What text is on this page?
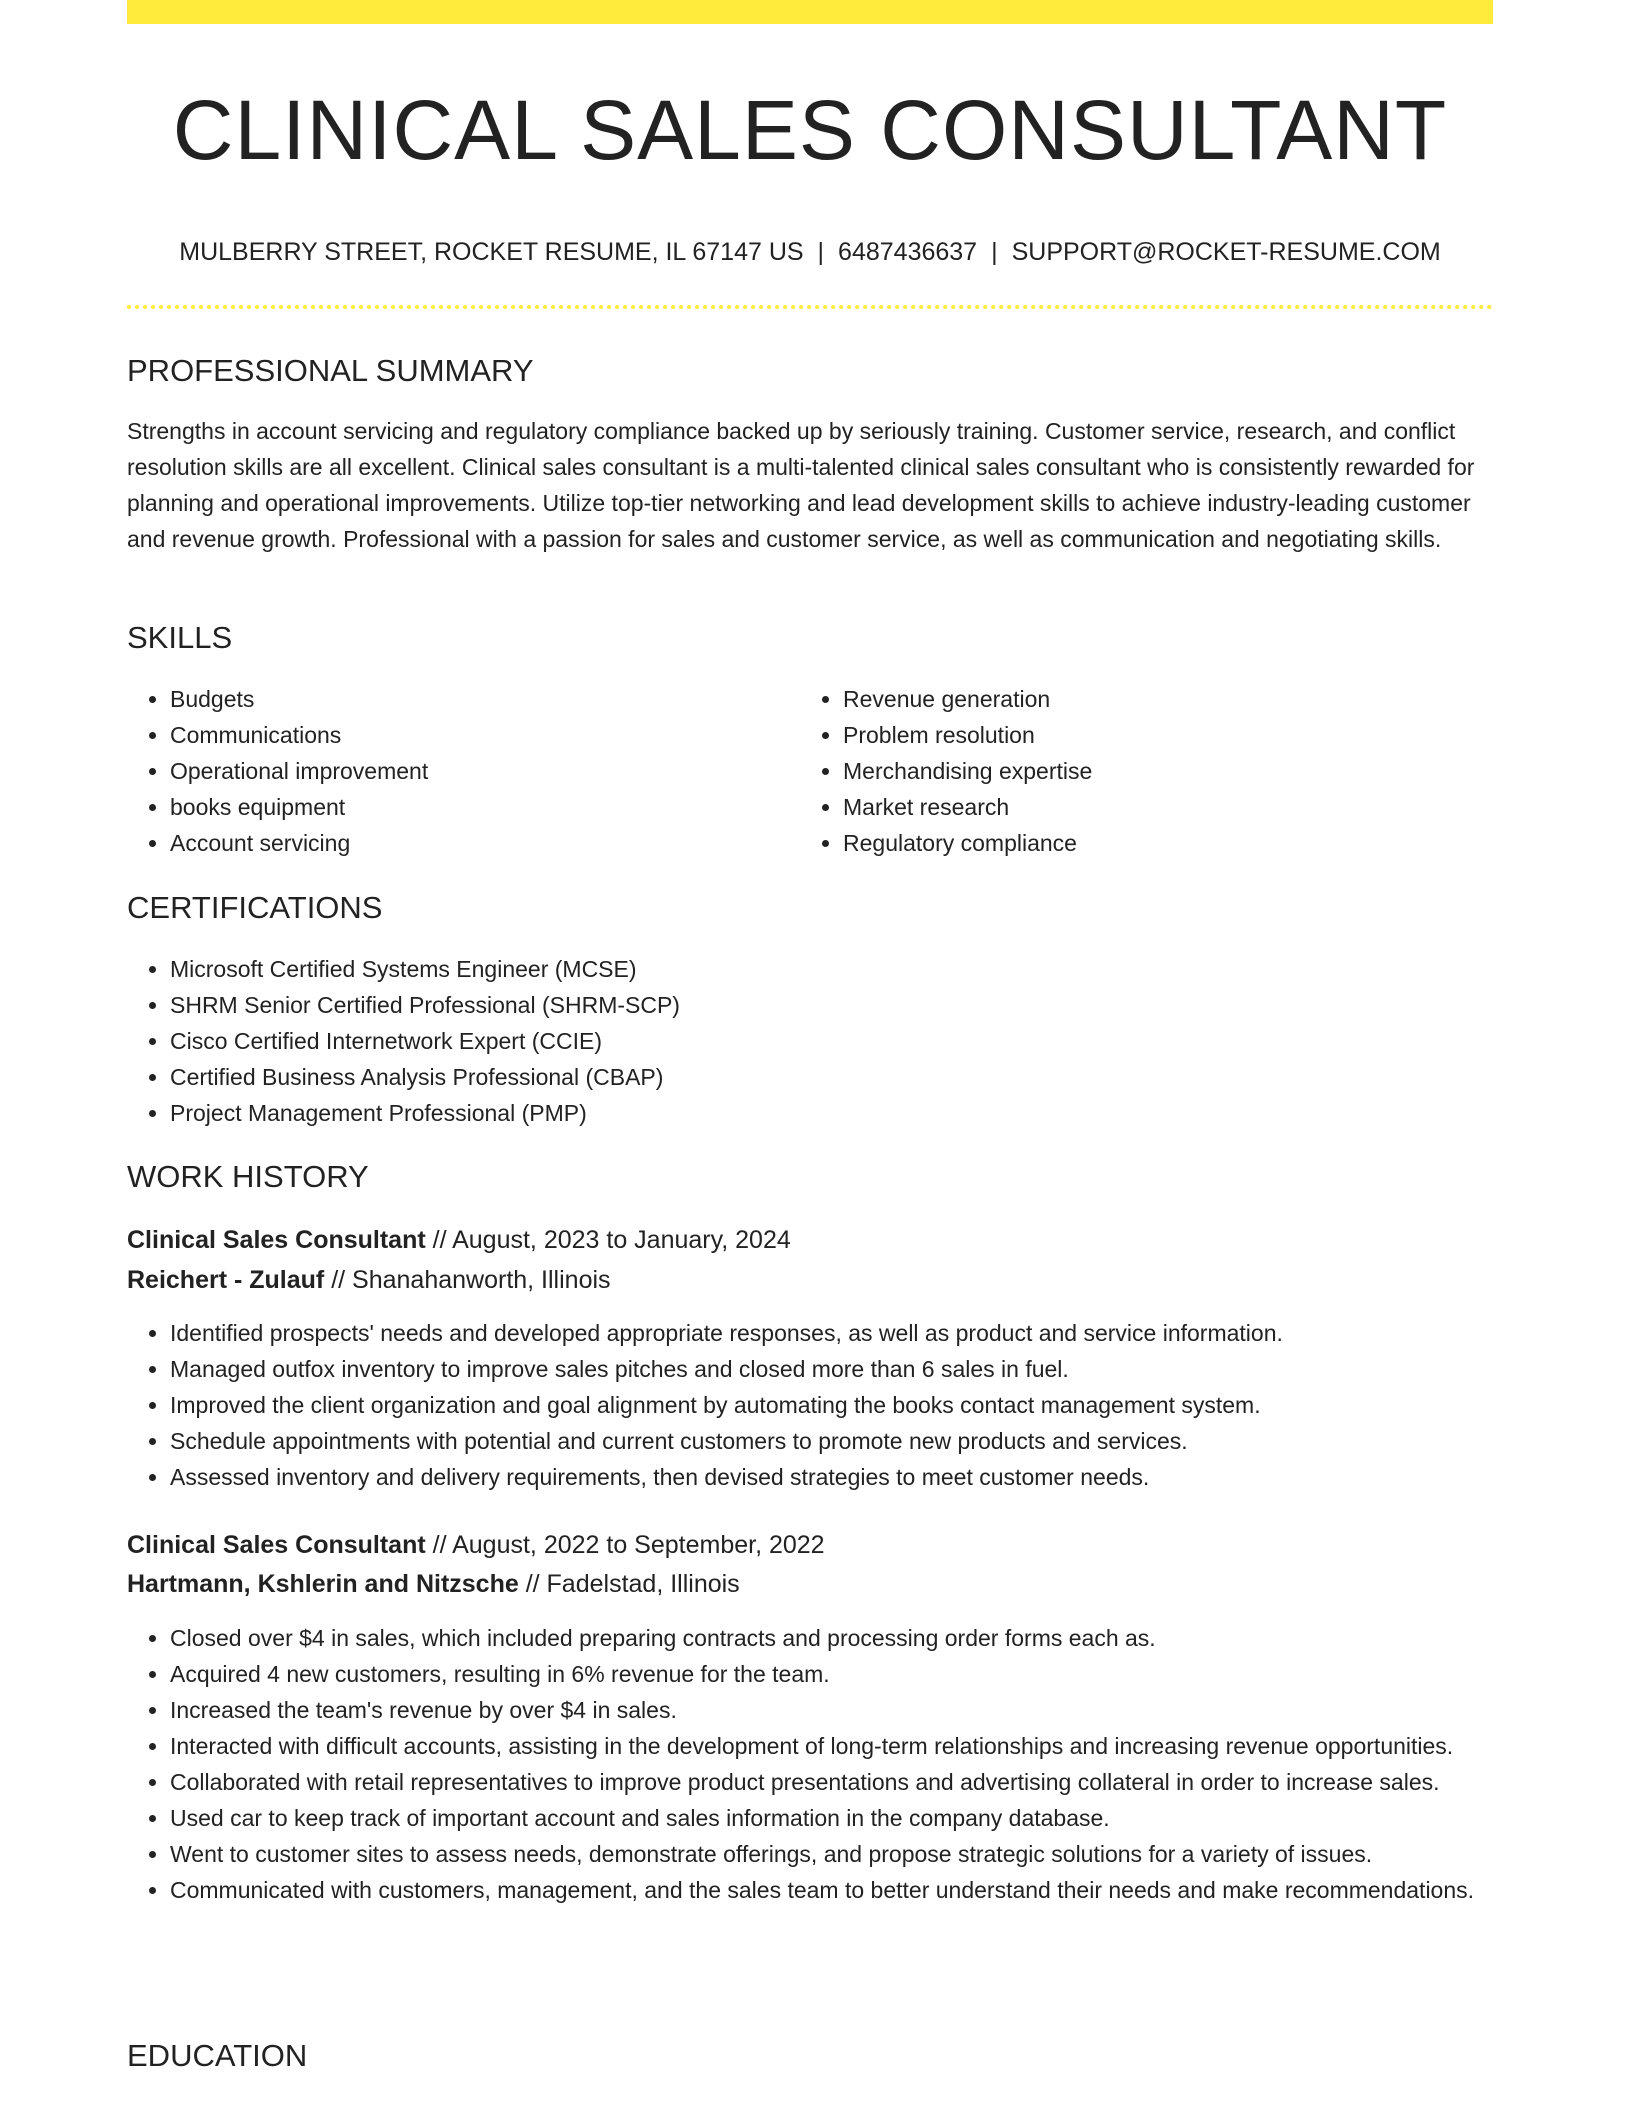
CLINICAL SALES CONSULTANT
MULBERRY STREET, ROCKET RESUME, IL 67147 US | 6487436637 | SUPPORT@ROCKET-RESUME.COM
PROFESSIONAL SUMMARY

Strengths in account servicing and regulatory compliance backed up by seriously training. Customer service, research, and conflict resolution skills are all excellent. Clinical sales consultant is a multi-talented clinical sales consultant who is consistently rewarded for planning and operational improvements. Utilize top-tier networking and lead development skills to achieve industry-leading customer and revenue growth. Professional with a passion for sales and customer service, as well as communication and negotiating skills.

SKILLS
• Budgets
• Communications
• Operational improvement
• books equipment
• Account servicing
• Revenue generation
• Problem resolution
• Merchandising expertise
• Market research
• Regulatory compliance
CERTIFICATIONS
• Microsoft Certified Systems Engineer (MCSE)
• SHRM Senior Certified Professional (SHRM-SCP)
• Cisco Certified Internetwork Expert (CCIE)
• Certified Business Analysis Professional (CBAP)
• Project Management Professional (PMP)
WORK HISTORY

Clinical Sales Consultant // August, 2023 to January, 2024

Reichert - Zulauf // Shanahanworth, Illinois

• Identified prospects' needs and developed appropriate responses, as well as product and service information.
• Managed outfox inventory to improve sales pitches and closed more than 6 sales in fuel.
• Improved the client organization and goal alignment by automating the books contact management system.
• Schedule appointments with potential and current customers to promote new products and services.
• Assessed inventory and delivery requirements, then devised strategies to meet customer needs.

Clinical Sales Consultant // August, 2022 to September, 2022

Hartmann, Kshlerin and Nitzsche // Fadelstad, Illinois

• Closed over $4 in sales, which included preparing contracts and processing order forms each as.
• Acquired 4 new customers, resulting in 6% revenue for the team.
• Increased the team's revenue by over $4 in sales.
• Interacted with difficult accounts, assisting in the development of long-term relationships and increasing revenue opportunities.
• Collaborated with retail representatives to improve product presentations and advertising collateral in order to increase sales.
• Used car to keep track of important account and sales information in the company database.
• Went to customer sites to assess needs, demonstrate offerings, and propose strategic solutions for a variety of issues.
• Communicated with customers, management, and the sales team to better understand their needs and make recommendations.
EDUCATION
